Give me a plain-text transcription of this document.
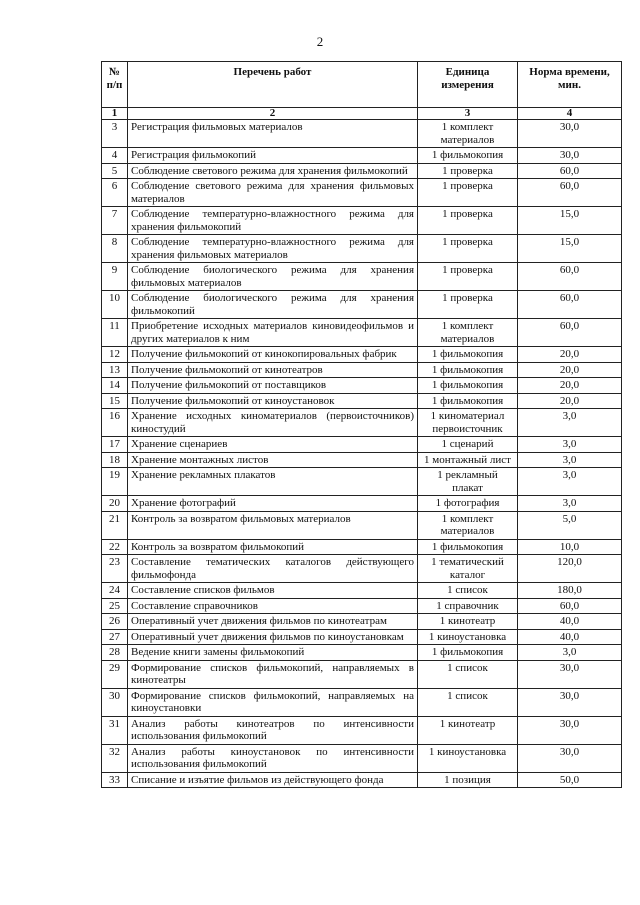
2
№ п/п	Перечень работ	Единица измерения	Норма времени, мин.
1	2	3	4
3	Регистрация фильмовых материалов	1 комплект материалов	30,0
4	Регистрация фильмокопий	1 фильмокопия	30,0
5	Соблюдение светового режима для хранения фильмокопий	1 проверка	60,0
6	Соблюдение светового режима для хранения фильмовых материалов	1 проверка	60,0
7	Соблюдение температурно-влажностного режима для хранения фильмокопий	1 проверка	15,0
8	Соблюдение температурно-влажностного режима для хранения фильмовых материалов	1 проверка	15,0
9	Соблюдение биологического режима для хранения фильмовых материалов	1 проверка	60,0
10	Соблюдение биологического режима для хранения фильмокопий	1 проверка	60,0
11	Приобретение исходных материалов киновидеофильмов и других материалов к ним	1 комплект материалов	60,0
12	Получение фильмокопий от кинокопировальных фабрик	1 фильмокопия	20,0
13	Получение фильмокопий от кинотеатров	1 фильмокопия	20,0
14	Получение фильмокопий от поставщиков	1 фильмокопия	20,0
15	Получение фильмокопий от киноустановок	1 фильмокопия	20,0
16	Хранение исходных киноматериалов (первоисточников) киностудий	1 киноматериал первоисточник	3,0
17	Хранение сценариев	1 сценарий	3,0
18	Хранение монтажных листов	1 монтажный лист	3,0
19	Хранение рекламных плакатов	1 рекламный плакат	3,0
20	Хранение фотографий	1 фотография	3,0
21	Контроль за возвратом фильмовых материалов	1 комплект материалов	5,0
22	Контроль за возвратом фильмокопий	1 фильмокопия	10,0
23	Составление тематических каталогов действующего фильмофонда	1 тематический каталог	120,0
24	Составление списков фильмов	1 список	180,0
25	Составление справочников	1 справочник	60,0
26	Оперативный учет движения фильмов по кинотеатрам	1 кинотеатр	40,0
27	Оперативный учет движения фильмов по киноустановкам	1 киноустановка	40,0
28	Ведение книги замены фильмокопий	1 фильмокопия	3,0
29	Формирование списков фильмокопий, направляемых в кинотеатры	1 список	30,0
30	Формирование списков фильмокопий, направляемых на киноустановки	1 список	30,0
31	Анализ работы кинотеатров по интенсивности использования фильмокопий	1 кинотеатр	30,0
32	Анализ работы киноустановок по интенсивности использования фильмокопий	1 киноустановка	30,0
33	Списание и изъятие фильмов из действующего фонда	1 позиция	50,0
